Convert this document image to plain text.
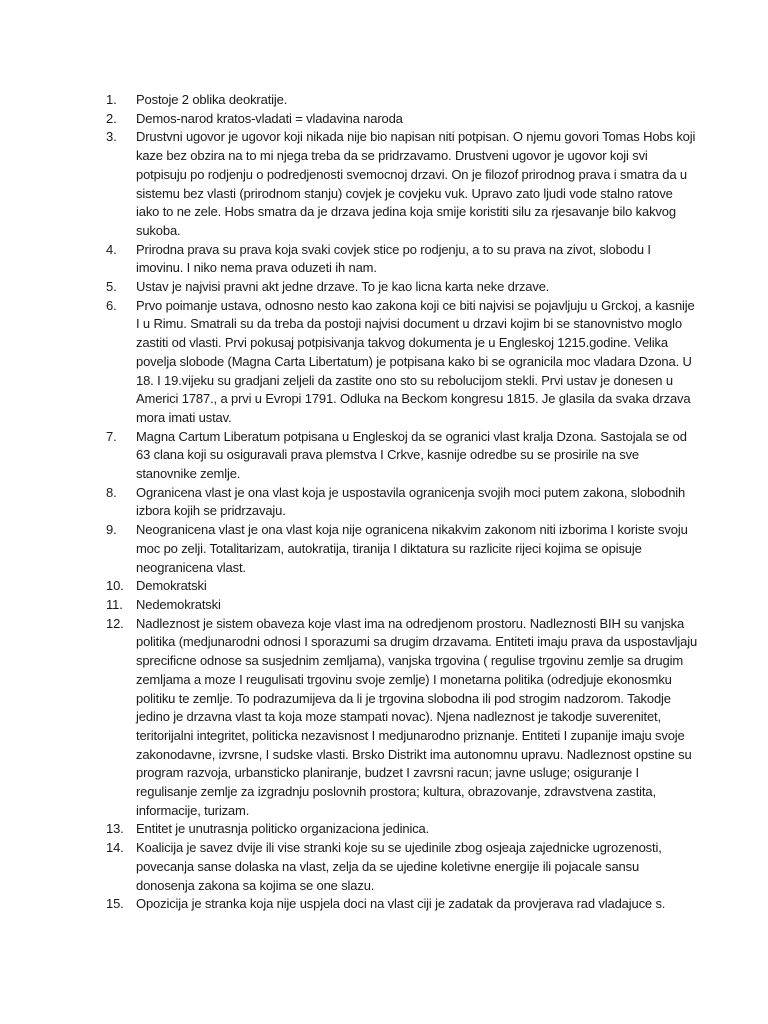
1.	Postoje 2 oblika deokratije.
2.	Demos-narod kratos-vladati = vladavina naroda
3.	Drustvni ugovor je ugovor koji nikada nije bio napisan niti potpisan. O njemu govori Tomas Hobs koji kaze bez obzira na to mi njega treba da se pridrzavamo. Drustveni ugovor je ugovor koji svi potpisuju po rodjenju o podredjenosti svemocnoj drzavi. On je filozof prirodnog prava i smatra da u sistemu bez vlasti (prirodnom stanju) covjek je covjeku vuk. Upravo zato ljudi vode stalno ratove iako to ne zele. Hobs smatra da je drzava jedina koja smije koristiti silu za rjesavanje bilo kakvog sukoba.
4.	Prirodna prava su prava koja svaki covjek stice po rodjenju, a to su prava na zivot, slobodu I imovinu. I niko nema prava oduzeti ih nam.
5.	Ustav je najvisi pravni akt jedne drzave. To je kao licna karta neke drzave.
6.	Prvo poimanje ustava, odnosno nesto kao zakona koji ce biti najvisi se pojavljuju u Grckoj, a kasnije I u Rimu. Smatrali su da treba da postoji najvisi document u drzavi kojim bi se stanovnistvo moglo zastiti od vlasti. Prvi pokusaj potpisivanja takvog dokumenta je u Engleskoj 1215.godine. Velika povelja slobode (Magna Carta Libertatum) je potpisana kako bi se ogranicila moc vladara Dzona. U 18. I 19.vijeku su gradjani zeljeli da zastite ono sto su rebolucijom stekli. Prvi ustav je donesen u Americi 1787., a prvi u Evropi 1791. Odluka na Beckom kongresu 1815. Je glasila da svaka drzava mora imati ustav.
7.	Magna Cartum Liberatum potpisana u Engleskoj da se ogranici vlast kralja Dzona. Sastojala se od 63 clana koji su osiguravali prava plemstva I Crkve, kasnije odredbe su se prosirile na sve stanovnike zemlje.
8.	Ogranicena vlast je ona vlast koja je uspostavila ogranicenja svojih moci putem zakona, slobodnih izbora kojih se pridrzavaju.
9.	Neogranicena vlast je ona vlast koja nije ogranicena nikakvim zakonom niti izborima I koriste svoju moc po zelji. Totalitarizam, autokratija, tiranija I diktatura su razlicite rijeci kojima se opisuje neogranicena vlast.
10. Demokratski
11.	Nedemokratski
12. Nadleznost je sistem obaveza koje vlast ima na odredjenom prostoru. Nadleznosti BIH su vanjska politika (medjunarodni odnosi I sporazumi sa drugim drzavama. Entiteti imaju prava da uspostavljaju sprecificne odnose sa susjednim zemljama), vanjska trgovina ( regulise trgovinu zemlje sa drugim zemljama a moze I reugulisati trgovinu svoje zemlje) I monetarna politika (odredjuje ekonosmku politiku te zemlje. To podrazumijeva da li je trgovina slobodna ili pod strogim nadzorom. Takodje jedino je drzavna vlast ta koja moze stampati novac). Njena nadleznost je takodje suverenitet, teritorijalni integritet, politicka nezavisnost I medjunarodno priznanje. Entiteti I zupanije imaju svoje zakonodavne, izvrsne, I sudske vlasti. Brsko Distrikt ima autonomnu upravu. Nadleznost opstine su program razvoja, urbansticko planiranje, budzet I zavrsni racun; javne usluge; osiguranje I regulisanje zemlje za izgradnju poslovnih prostora; kultura, obrazovanje, zdravstvena zastita, informacije, turizam.
13. Entitet je unutrasnja politicko organizaciona jedinica.
14. Koalicija je savez dvije ili vise stranki koje su se ujedinile zbog osjeaja zajednicke ugrozenosti, povecanja sanse dolaska na vlast, zelja da se ujedine koletivne energije ili pojacale sansu donosenja zakona sa kojima se one slazu.
15. Opozicija je stranka koja nije uspjela doci na vlast ciji je zadatak da provjerava rad vladajuce s.
